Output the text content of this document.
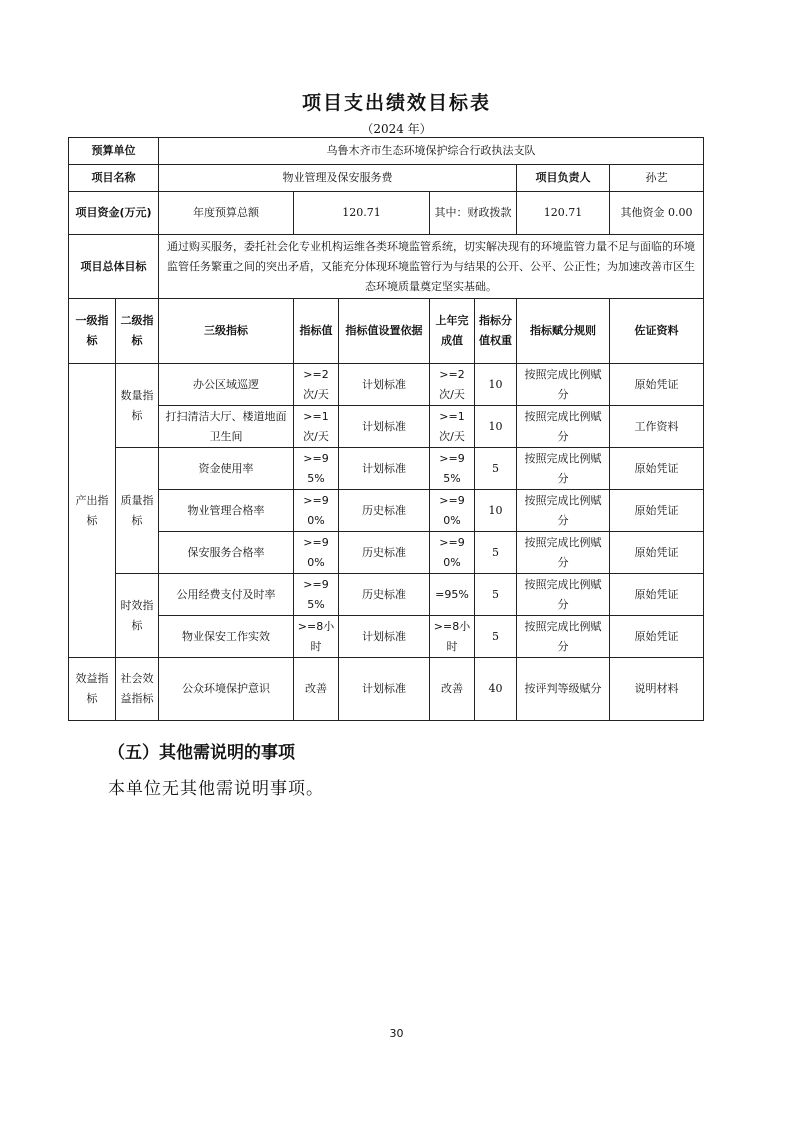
项目支出绩效目标表
（2024 年）
预算单位		乌鲁木齐市生态环境保护综合行政执法支队						
项目名称		物业管理及保安服务费					项目负责人	孙艺
项目资金(万元)		年度预算总额	120.71		其中：财政拨款		120.71	其他资金 0.00
项目总体目标		通过购买服务，委托社会化专业机构运维各类环境监管系统，切实解决现有的环境监管力量不足与面临的环境监管任务繁重之间的突出矛盾，又能充分体现环境监管行为与结果的公开、公平、公正性；为加速改善市区生态环境质量奠定坚实基础。						
一级指标	二级指标	三级指标	指标值	指标值设置依据	上年完成值	指标分值权重	指标赋分规则	佐证资料
产出指标	数量指标	办公区域巡逻	>=2次/天	计划标准	>=2次/天	10	按照完成比例赋分	原始凭证
		打扫清洁大厅、楼道地面卫生间	>=1次/天	计划标准	>=1次/天	10	按照完成比例赋分	工作资料
	质量指标	资金使用率	>=95%	计划标准	>=95%	5	按照完成比例赋分	原始凭证
		物业管理合格率	>=90%	历史标准	>=90%	10	按照完成比例赋分	原始凭证
		保安服务合格率	>=90%	历史标准	>=90%	5	按照完成比例赋分	原始凭证
	时效指标	公用经费支付及时率	>=95%	历史标准	=95%	5	按照完成比例赋分	原始凭证
		物业保安工作实效	>=8小时	计划标准	>=8小时	5	按照完成比例赋分	原始凭证
效益指标	社会效益指标	公众环境保护意识	改善	计划标准	改善	40	按评判等级赋分	说明材料
（五）其他需说明的事项
本单位无其他需说明事项。
30
